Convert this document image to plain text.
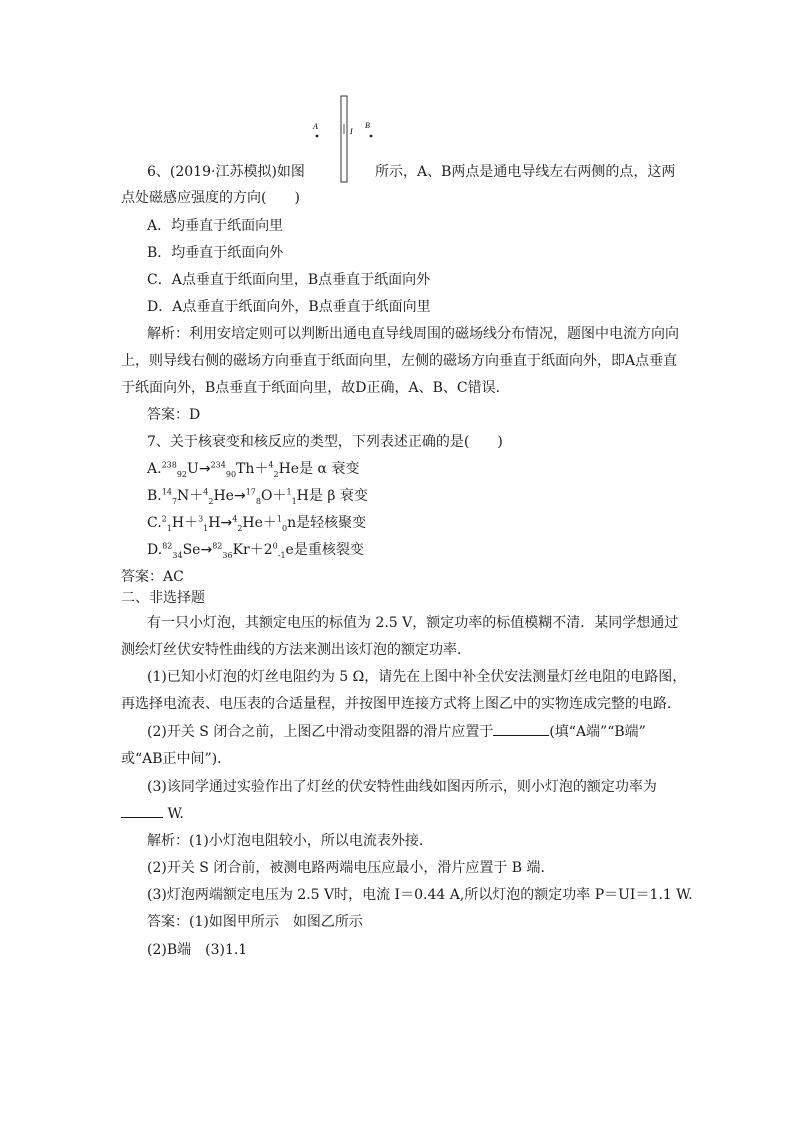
A
I
B
6、(2019·江苏模拟)如图	所示，A、B两点是通电导线左右两侧的点，这两
点处磁感应强度的方向(　　)
A．均垂直于纸面向里
B．均垂直于纸面向外
C．A点垂直于纸面向里，B点垂直于纸面向外
D．A点垂直于纸面向外，B点垂直于纸面向里
解析：利用安培定则可以判断出通电直导线周围的磁场线分布情况，题图中电流方向向
上，则导线右侧的磁场方向垂直于纸面向里，左侧的磁场方向垂直于纸面向外，即A点垂直
于纸面向外，B点垂直于纸面向里，故D正确，A、B、C错误．
答案：D
7、关于核衰变和核反应的类型，下列表述正确的是(　　)
A.$^{238}_{92}$U→$^{234}_{90}$Th＋$^4_2$He是 α 衰变
B.$^{14}_7$N＋$^4_2$He→$^{17}_8$O＋$^1_1$H是 β 衰变
C.$^2_1$H＋$^3_1$H→$^4_2$He＋$^1_0$n是轻核聚变
$D.^{82}_{34}Se\to^{82}_{36}Kr+2^0_{-1}e$是重核裂变
答案：AC
二、非选择题
有一只小灯泡，其额定电压的标值为 2.5 V，额定功率的标值模糊不清．某同学想通过
测绘灯丝伏安特性曲线的方法来测出该灯泡的额定功率．
(1)已知小灯泡的灯丝电阻约为 5 Ω，请先在上图中补全伏安法测量灯丝电阻的电路图，
再选择电流表、电压表的合适量程，并按图甲连接方式将上图乙中的实物连成完整的电路．
(2)开关 S 闭合之前，上图乙中滑动变阻器的滑片应置于	(填“A端”“B端”
或“AB正中间”)．
(3)该同学通过实验作出了灯丝的伏安特性曲线如图丙所示，则小灯泡的额定功率为
W.
解析：(1)小灯泡电阻较小，所以电流表外接．
(2)开关 S 闭合前，被测电路两端电压应最小，滑片应置于 B 端．
(3)灯泡两端额定电压为 2.5 V时，电流 I＝0.44 A,所以灯泡的额定功率 P＝UI＝1.1 W.
答案：(1)如图甲所示　如图乙所示
(2)B端　(3)1.1
